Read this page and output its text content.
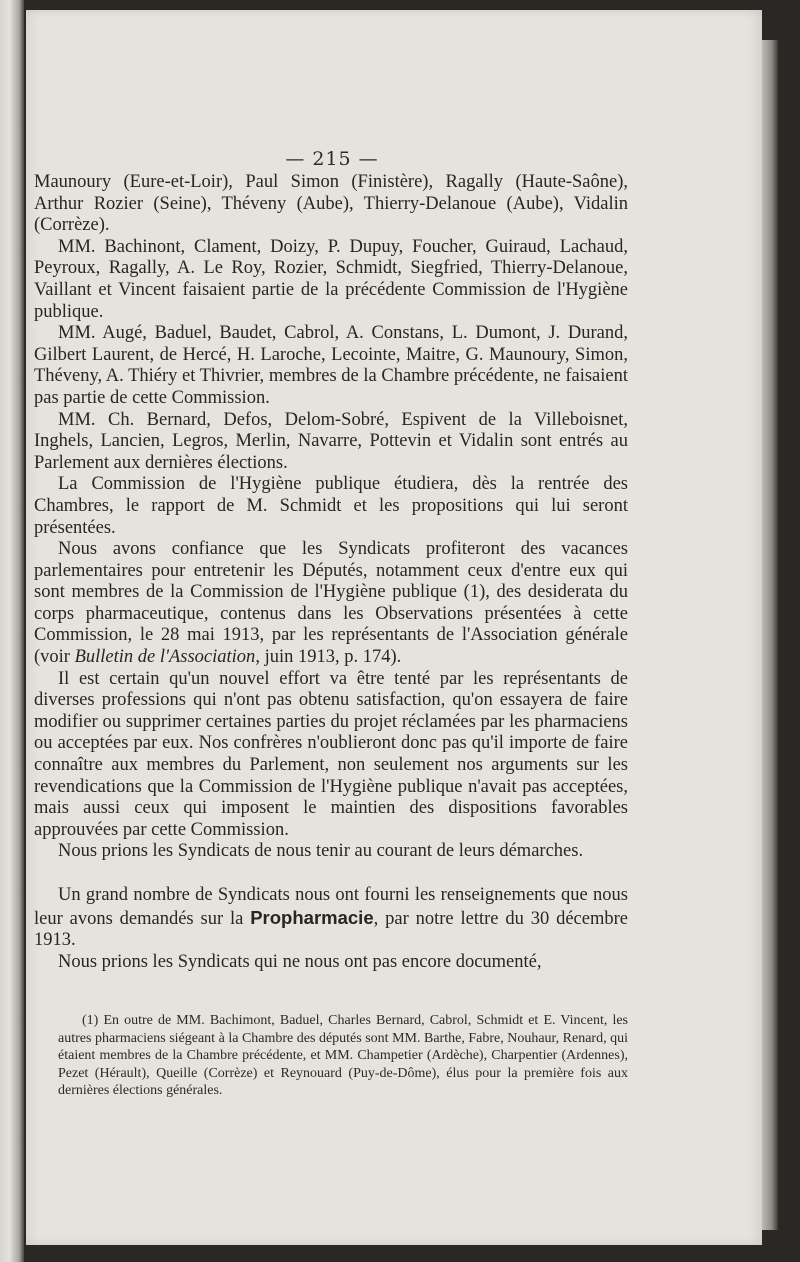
— 215 —

Maunoury (Eure-et-Loir), Paul Simon (Finistère), Ragally (Haute-Saône), Arthur Rozier (Seine), Théveny (Aube), Thierry-Delanoue (Aube), Vidalin (Corrèze).

MM. Bachinont, Clament, Doizy, P. Dupuy, Foucher, Guiraud, Lachaud, Peyroux, Ragally, A. Le Roy, Rozier, Schmidt, Siegfried, Thierry-Delanoue, Vaillant et Vincent faisaient partie de la précédente Commission de l'Hygiène publique.

MM. Augé, Baduel, Baudet, Cabrol, A. Constans, L. Dumont, J. Durand, Gilbert Laurent, de Hercé, H. Laroche, Lecointe, Maitre, G. Maunoury, Simon, Théveny, A. Thiéry et Thivrier, membres de la Chambre précédente, ne faisaient pas partie de cette Commission.

MM. Ch. Bernard, Defos, Delom-Sobré, Espivent de la Villeboisnet, Inghels, Lancien, Legros, Merlin, Navarre, Pottevin et Vidalin sont entrés au Parlement aux dernières élections.

La Commission de l'Hygiène publique étudiera, dès la rentrée des Chambres, le rapport de M. Schmidt et les propositions qui lui seront présentées.

Nous avons confiance que les Syndicats profiteront des vacances parlementaires pour entretenir les Députés, notamment ceux d'entre eux qui sont membres de la Commission de l'Hygiène publique (1), des desiderata du corps pharmaceutique, contenus dans les Observations présentées à cette Commission, le 28 mai 1913, par les représentants de l'Association générale (voir Bulletin de l'Association, juin 1913, p. 174).

Il est certain qu'un nouvel effort va être tenté par les représentants de diverses professions qui n'ont pas obtenu satisfaction, qu'on essayera de faire modifier ou supprimer certaines parties du projet réclamées par les pharmaciens ou acceptées par eux. Nos confrères n'oublieront donc pas qu'il importe de faire connaître aux membres du Parlement, non seulement nos arguments sur les revendications que la Commission de l'Hygiène publique n'avait pas acceptées, mais aussi ceux qui imposent le maintien des dispositions favorables approuvées par cette Commission.

Nous prions les Syndicats de nous tenir au courant de leurs démarches.

Un grand nombre de Syndicats nous ont fourni les renseignements que nous leur avons demandés sur la Propharmacie, par notre lettre du 30 décembre 1913.

Nous prions les Syndicats qui ne nous ont pas encore documenté,

(1) En outre de MM. Bachimont, Baduel, Charles Bernard, Cabrol, Schmidt et E. Vincent, les autres pharmaciens siégeant à la Chambre des députés sont MM. Barthe, Fabre, Nouhaur, Renard, qui étaient membres de la Chambre précédente, et MM. Champetier (Ardèche), Charpentier (Ardennes), Pezet (Hérault), Queille (Corrèze) et Reynouard (Puy-de-Dôme), élus pour la première fois aux dernières élections générales.
